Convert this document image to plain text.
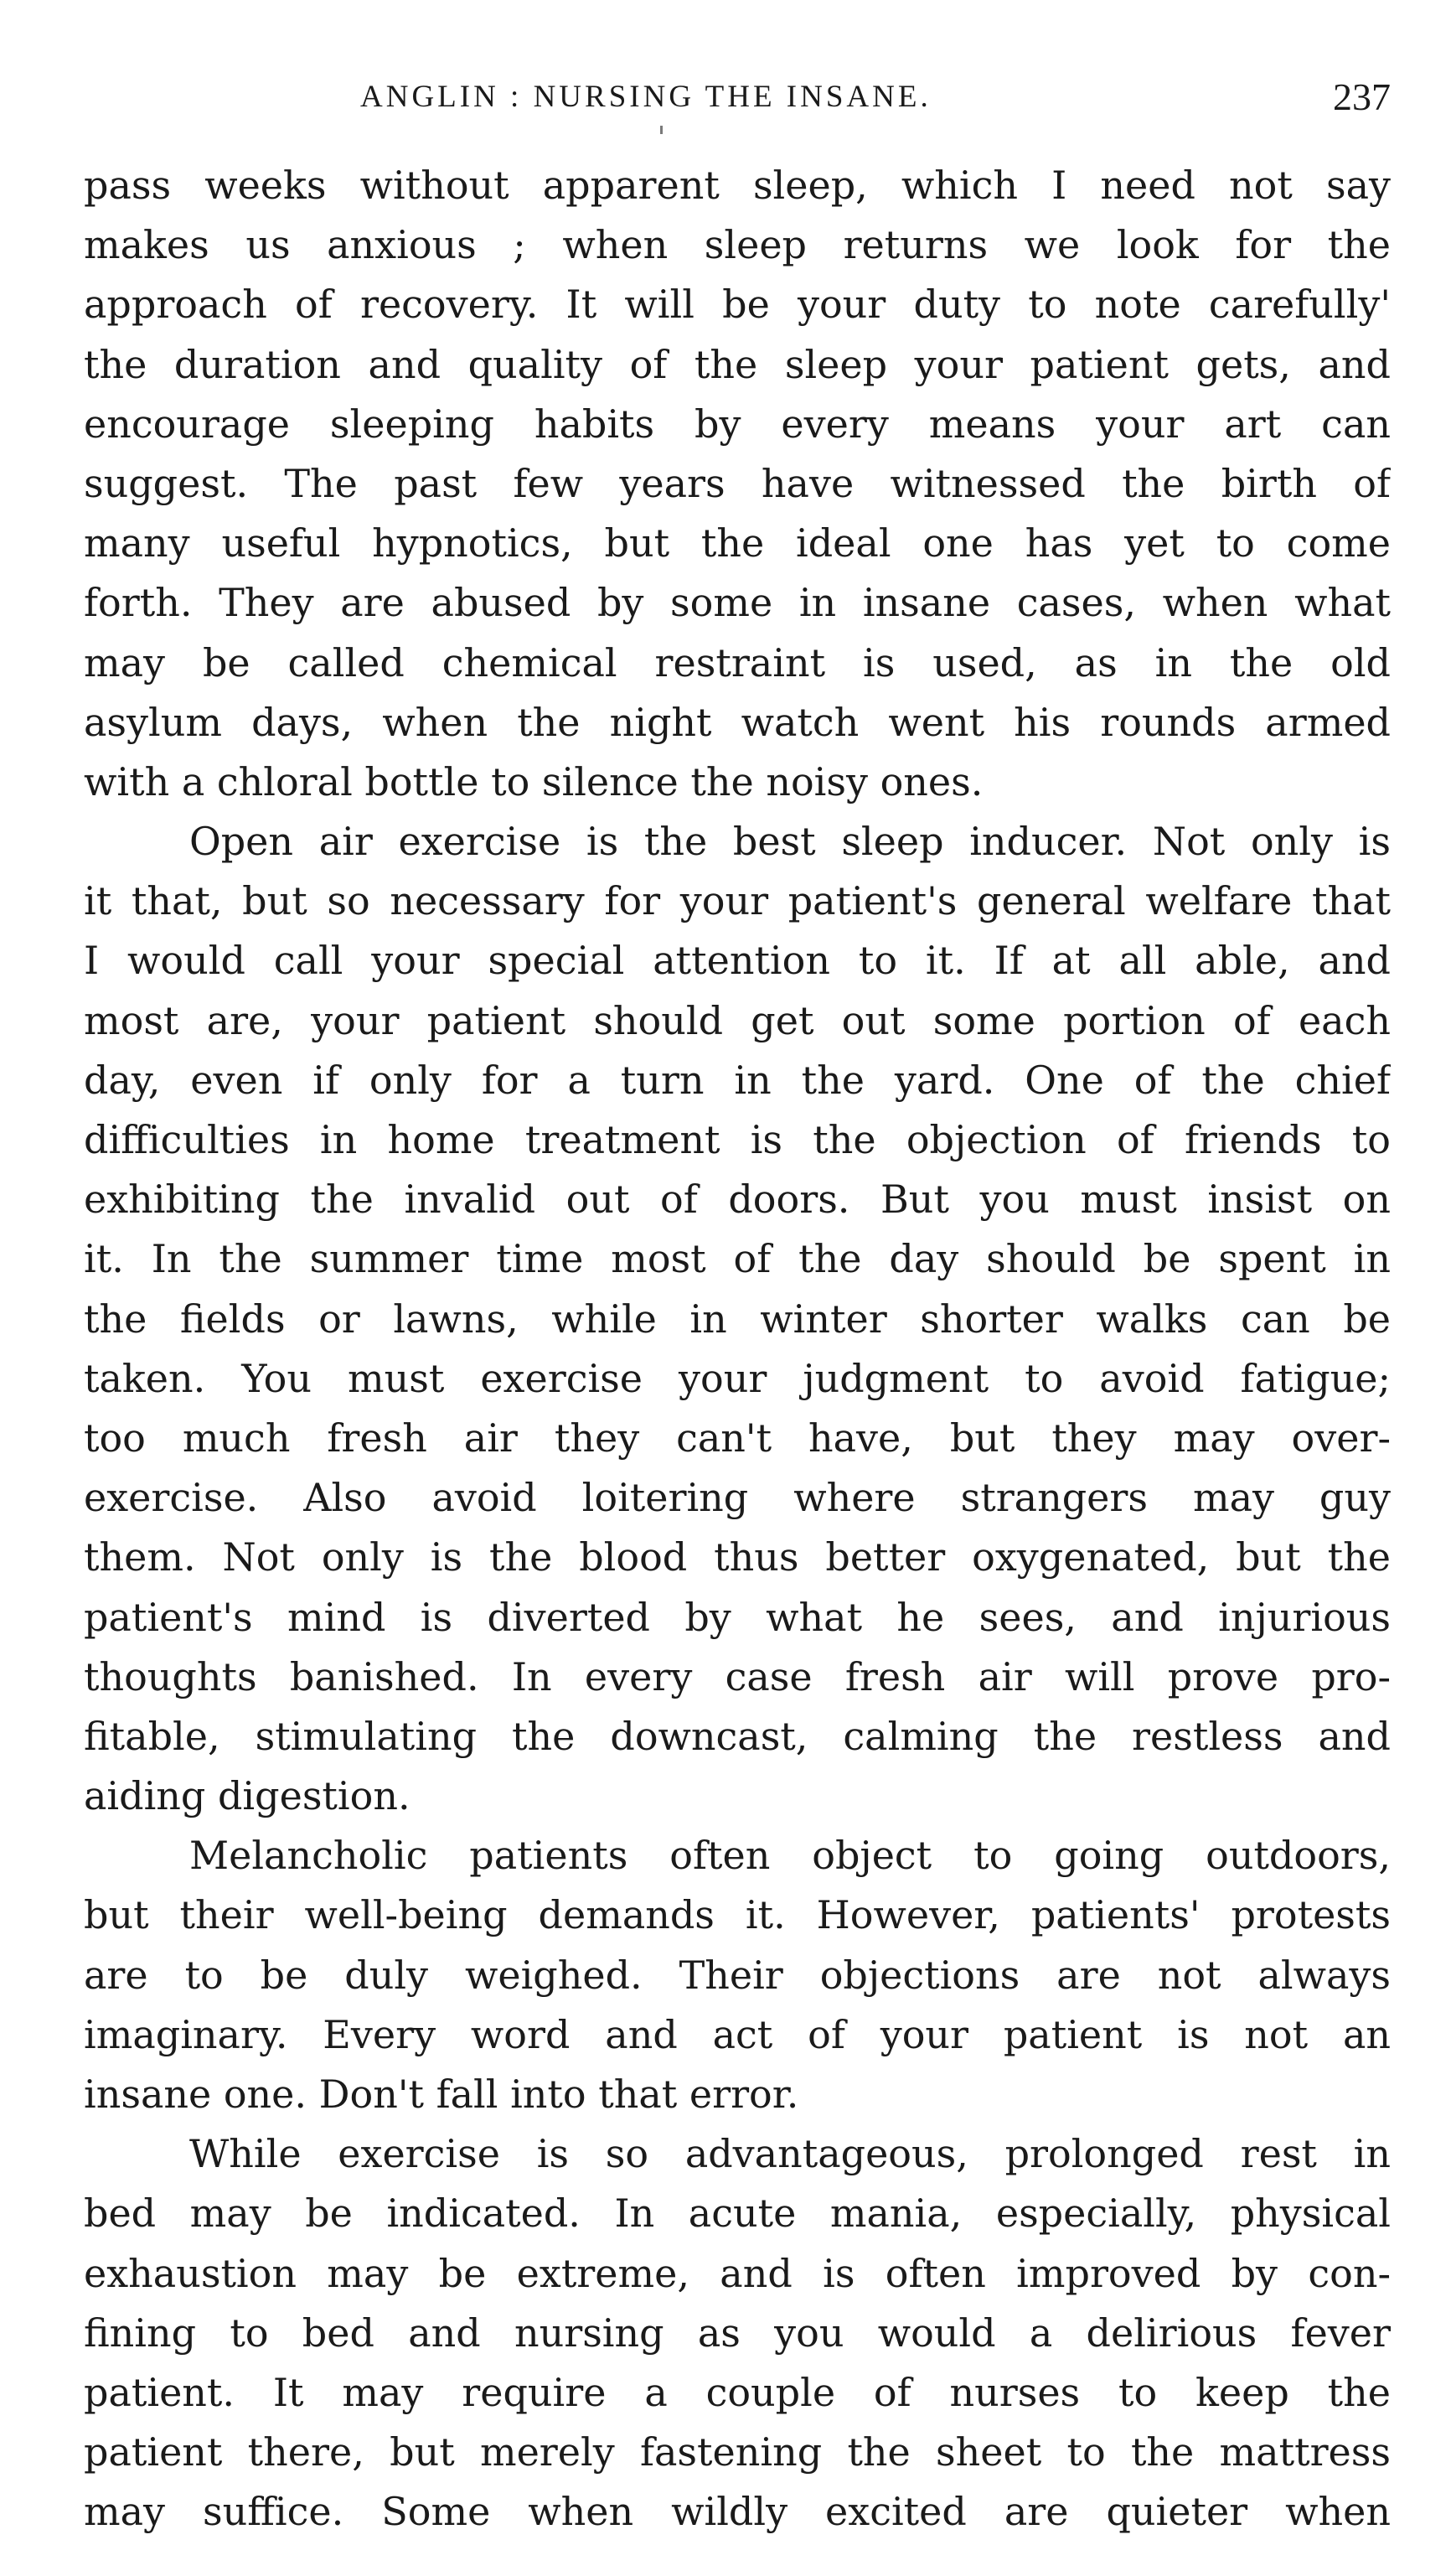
ANGLIN : NURSING THE INSANE.	237
pass weeks without apparent sleep, which I need not say
makes us anxious ; when sleep returns we look for the
approach of recovery. It will be your duty to note carefully'
the duration and quality of the sleep your patient gets, and
encourage sleeping habits by every means your art can
suggest. The past few years have witnessed the birth of
many useful hypnotics, but the ideal one has yet to come
forth. They are abused by some in insane cases, when what
may be called chemical restraint is used, as in the old
asylum days, when the night watch went his rounds armed
with a chloral bottle to silence the noisy ones.
Open air exercise is the best sleep inducer. Not only is
it that, but so necessary for your patient's general welfare that
I would call your special attention to it. If at all able, and
most are, your patient should get out some portion of each
day, even if only for a turn in the yard. One of the chief
difficulties in home treatment is the objection of friends to
exhibiting the invalid out of doors. But you must insist on
it. In the summer time most of the day should be spent in
the fields or lawns, while in winter shorter walks can be
taken. You must exercise your judgment to avoid fatigue;
too much fresh air they can't have, but they may over-
exercise. Also avoid loitering where strangers may guy
them. Not only is the blood thus better oxygenated, but the
patient's mind is diverted by what he sees, and injurious
thoughts banished. In every case fresh air will prove pro-
fitable, stimulating the downcast, calming the restless and
aiding digestion.
Melancholic patients often object to going outdoors,
but their well-being demands it. However, patients' protests
are to be duly weighed. Their objections are not always
imaginary. Every word and act of your patient is not an
insane one. Don't fall into that error.
While exercise is so advantageous, prolonged rest in
bed may be indicated. In acute mania, especially, physical
exhaustion may be extreme, and is often improved by con-
fining to bed and nursing as you would a delirious fever
patient. It may require a couple of nurses to keep the
patient there, but merely fastening the sheet to the mattress
may suffice. Some when wildly excited are quieter when
